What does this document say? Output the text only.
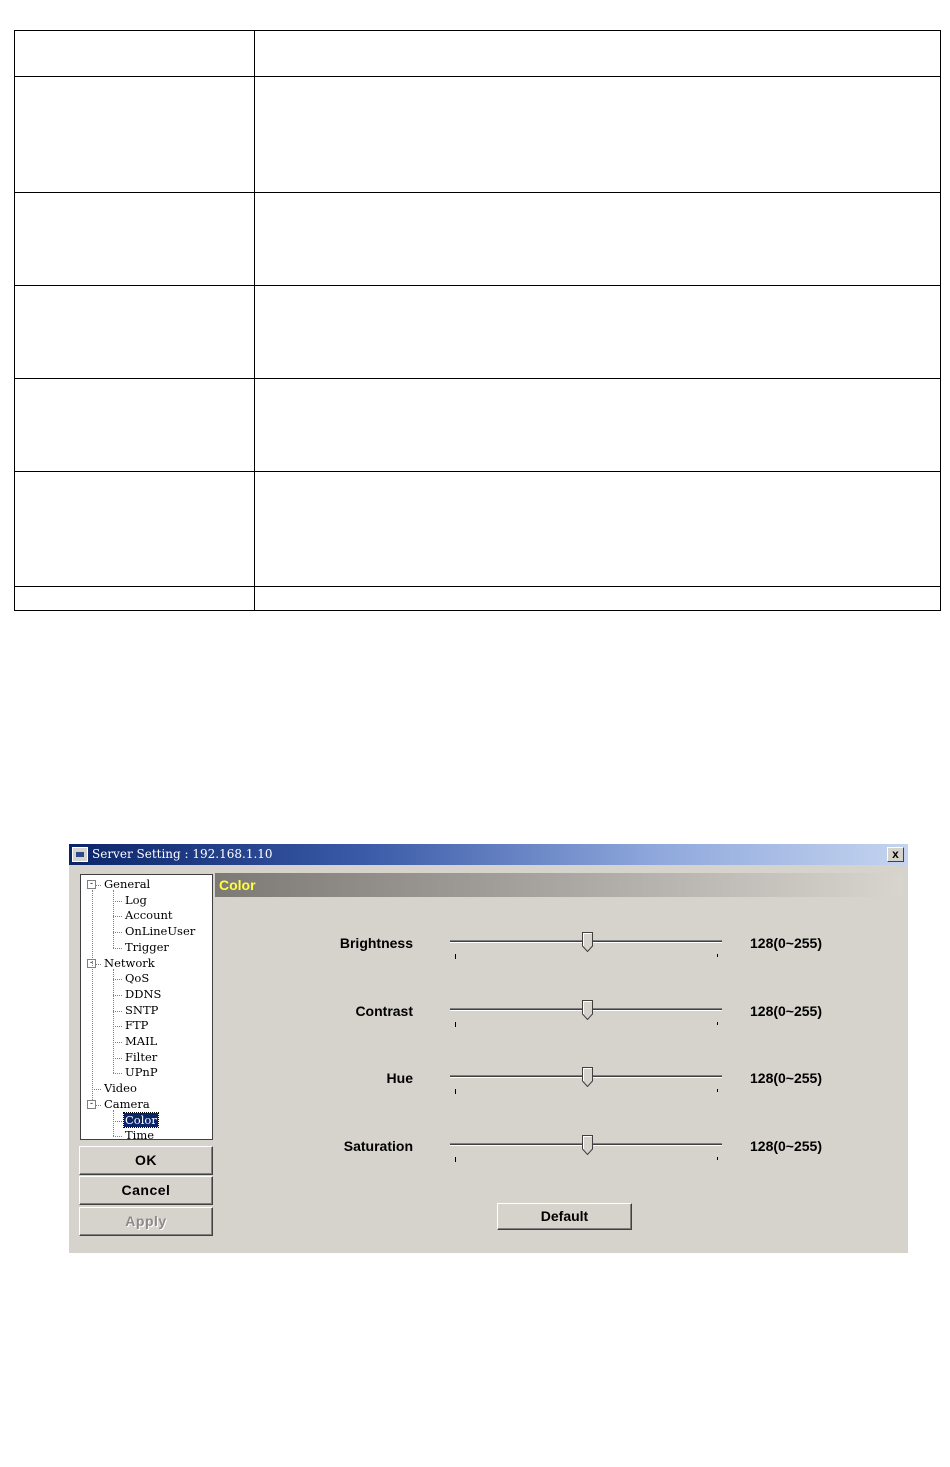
Server Setting : 192.168.1.10	x
General
-
Log
Account
OnLineUser
Trigger
Network
-
QoS
DDNS
SNTP
FTP
MAIL
Filter
UPnP
Video
Camera
-
Color
Time
OK
Cancel
Apply
Color
Default
Brightness	128(0~255)
Contrast	128(0~255)
Hue	128(0~255)
Saturation	128(0~255)
